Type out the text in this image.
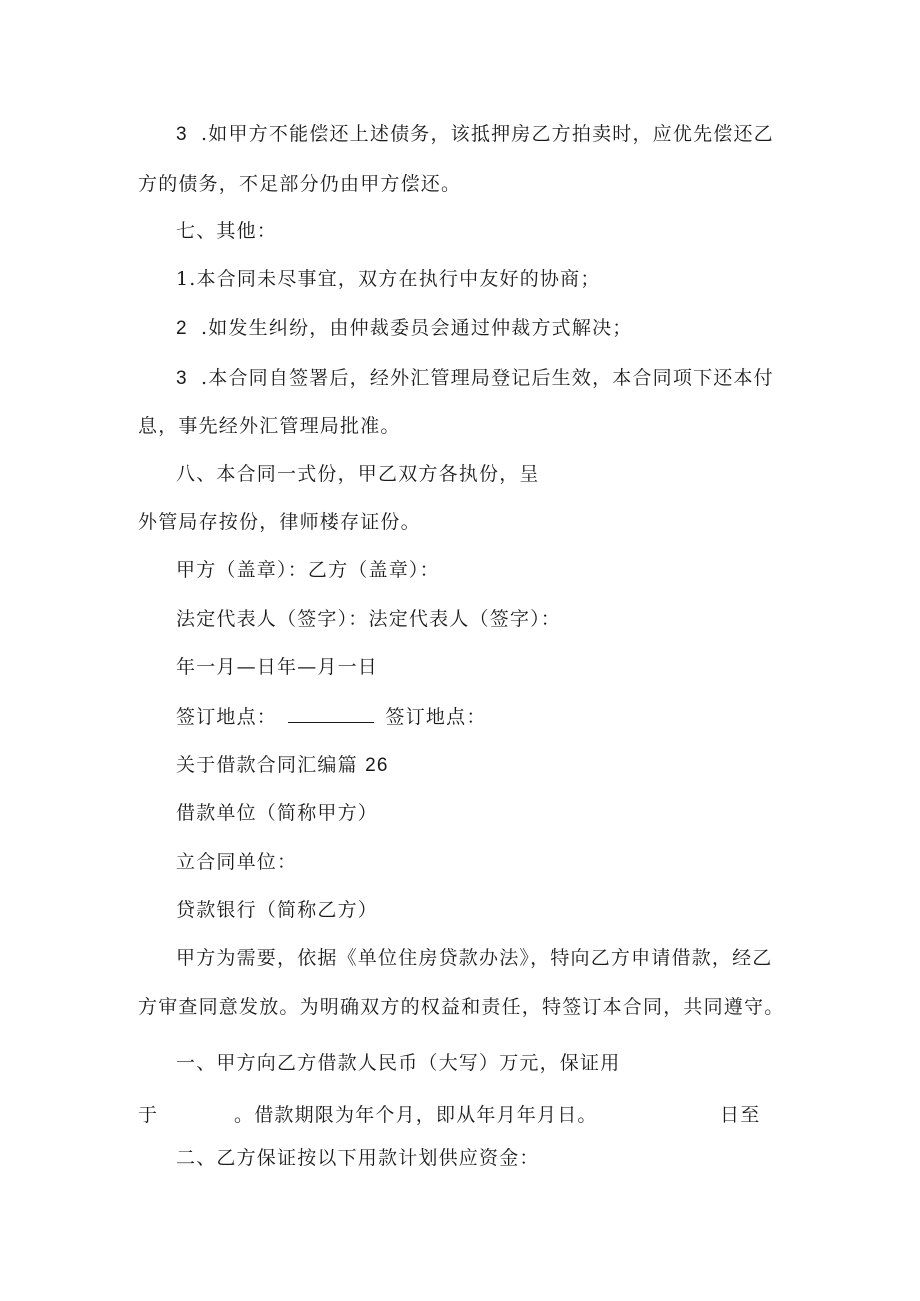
3 .如甲方不能偿还上述债务，该抵押房乙方拍卖时，应优先偿还乙

方的债务，不足部分仍由甲方偿还。

七、其他：

1.本合同未尽事宜，双方在执行中友好的协商；

2 .如发生纠纷，由仲裁委员会通过仲裁方式解决；

3 .本合同自签署后，经外汇管理局登记后生效，本合同项下还本付

息，事先经外汇管理局批准。

八、本合同一式份，甲乙双方各执份，呈

外管局存按份，律师楼存证份。

甲方（盖章）：乙方（盖章）：

法定代表人（签字）：法定代表人（签字）：

年一月—日年—月一日

签订地点：	签订地点：

关于借款合同汇编篇 26

借款单位（简称甲方）

立合同单位：

贷款银行（简称乙方）

甲方为需要，依据《单位住房贷款办法》，特向乙方申请借款，经乙

方审查同意发放。为明确双方的权益和责任，特签订本合同，共同遵守。

一、甲方向乙方借款人民币（大写）万元，保证用

于	。借款期限为年个月，即从年月年月日。	日至

二、乙方保证按以下用款计划供应资金：
